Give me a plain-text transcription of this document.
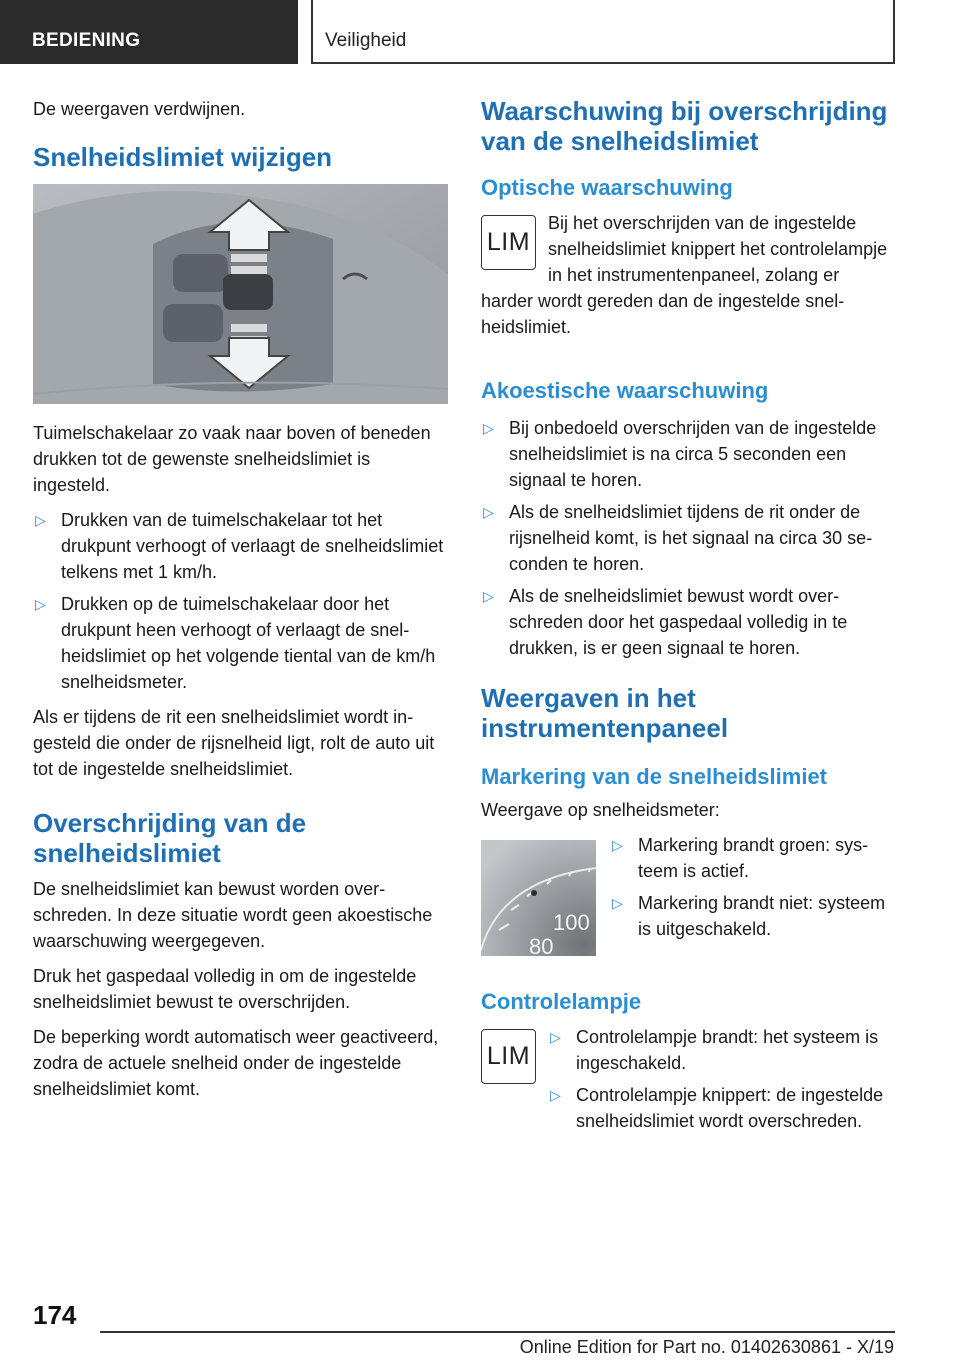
BEDIENING	Veiligheid

De weergaven verdwijnen.

Snelheidslimiet wijzigen

Tuimelschakelaar zo vaak naar boven of beneden drukken tot de gewenste snelheidslimiet is ingesteld.

▷ Drukken van de tuimelschakelaar tot het drukpunt verhoogt of verlaagt de snelheidslimiet telkens met 1 km/h.
▷ Drukken op de tuimelschakelaar door het drukpunt heen verhoogt of verlaagt de snelheidslimiet op het volgende tiental van de km/h snelheidsmeter.

Als er tijdens de rit een snelheidslimiet wordt ingesteld die onder de rijsnelheid ligt, rolt de auto uit tot de ingestelde snelheidslimiet.

Overschrijding van de snelheidslimiet

De snelheidslimiet kan bewust worden overschreden. In deze situatie wordt geen akoestische waarschuwing weergegeven.

Druk het gaspedaal volledig in om de ingestelde snelheidslimiet bewust te overschrijden.

De beperking wordt automatisch weer geactiveerd, zodra de actuele snelheid onder de ingestelde snelheidslimiet komt.

Waarschuwing bij overschrijding van de snelheidslimiet
Optische waarschuwing
LIM

Bij het overschrijden van de ingestelde snelheidslimiet knippert het controlelampje in het instrumentenpaneel, zolang er harder wordt gereden dan de ingestelde snelheidslimiet.

Akoestische waarschuwing
▷ Bij onbedoeld overschrijden van de ingestelde snelheidslimiet is na circa 5 seconden een signaal te horen.
▷ Als de snelheidslimiet tijdens de rit onder de rijsnelheid komt, is het signaal na circa 30 seconden te horen.
▷ Als de snelheidslimiet bewust wordt overschreden door het gaspedaal volledig in te drukken, is er geen signaal te horen.
Weergaven in het instrumentenpaneel
Markering van de snelheidslimiet

Weergave op snelheidsmeter:

100
80
▷ Markering brandt groen: systeem is actief.
▷ Markering brandt niet: systeem is uitgeschakeld.
Controlelampje
LIM
▷ Controlelampje brandt: het systeem is ingeschakeld.
▷ Controlelampje knippert: de ingestelde snelheidslimiet wordt overschreden.
174
Online Edition for Part no. 01402630861 - X/19
